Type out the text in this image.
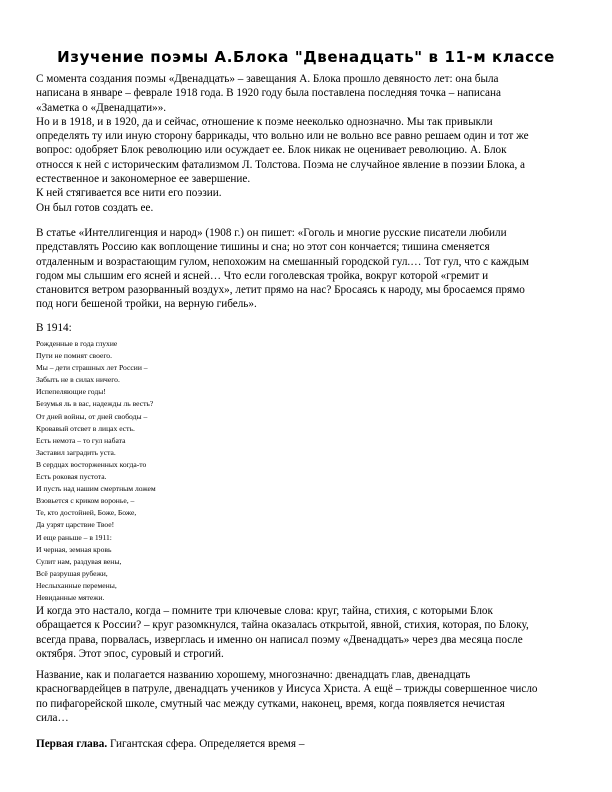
Изучение поэмы А.Блока "Двенадцать" в 11-м классе

С момента создания поэмы «Двенадцать» – завещания А. Блока прошло девяносто лет: она была

написана в январе – феврале 1918 года. В 1920 году была поставлена последняя точка – написана

«Заметка о «Двенадцати»».

Но и в 1918, и в 1920, да и сейчас, отношение к поэме нееколько однозначно. Мы так привыкли

определять ту или иную сторону баррикады, что вольно или не вольно все равно решаем один и тот же

вопрос: одобряет Блок революцию или осуждает ее. Блок никак не оценивает революцию. А. Блок

относся к ней с историческим фатализмом Л. Толстова. Поэма не случайное явление в поэзии Блока, а

естественное и закономерное ее завершение.

К ней стягивается все нити его поэзии.

Он был готов создать ее.

В статье «Интеллигенция и народ» (1908 г.) он пишет: «Гоголь и многие русские писатели любили

представлять Россию как воплощение тишины и сна; но этот сон кончается; тишина сменяется

отдаленным и возрастающим гулом, непохожим на смешанный городской гул.… Тот гул, что с каждым

годом мы слышим его ясней и ясней… Что если гоголевская тройка, вокруг которой «гремит и

становится ветром разорванный воздух», летит прямо на нас? Бросаясь к народу, мы бросаемся прямо

под ноги бешеной тройки, на верную гибель».

В 1914:

Рожденные в года глухие
Пути не помнят своего.
Мы – дети страшных лет России –
Забыть не в силах ничего.
Испепеляющие годы!
Безумья ль в вас, надежды ль весть?
От дней войны, от дней свободы –
Кровавый отсвет в лицах есть.
Есть немота – то гул набата
Заставил заградить уста.
В сердцах восторженных когда-то
Есть роковая пустота.
И пусть над нашим смертным ложем
Взовьется с криком воронье, –
Те, кто достойней, Боже, Боже,
Да узрят царствие Твое!
И еще раньше – в 1911:
И черная, земная кровь
Сулит нам, раздувая вены,
Всё разрушая рубежи,
Неслыханные перемены,
Невиданные мятежи.

И когда это настало, когда – помните три ключевые слова: круг, тайна, стихия, с которыми Блок

обращается к России? – круг разомкнулся, тайна оказалась открытой, явной, стихия, которая, по Блоку,

всегда права, порвалась, изверглась и именно он написал поэму «Двенадцать» через два месяца после

октября. Этот эпос, суровый и строгий.

Название, как и полагается названию хорошему, многозначно: двенадцать глав, двенадцать

красногвардейцев в патруле, двенадцать учеников у Иисуса Христа. А ещё – трижды совершенное число

по пифагорейской школе, смутный час между сутками, наконец, время, когда появляется нечистая

сила…

Первая глава. Гигантская сфера. Определяется время –
